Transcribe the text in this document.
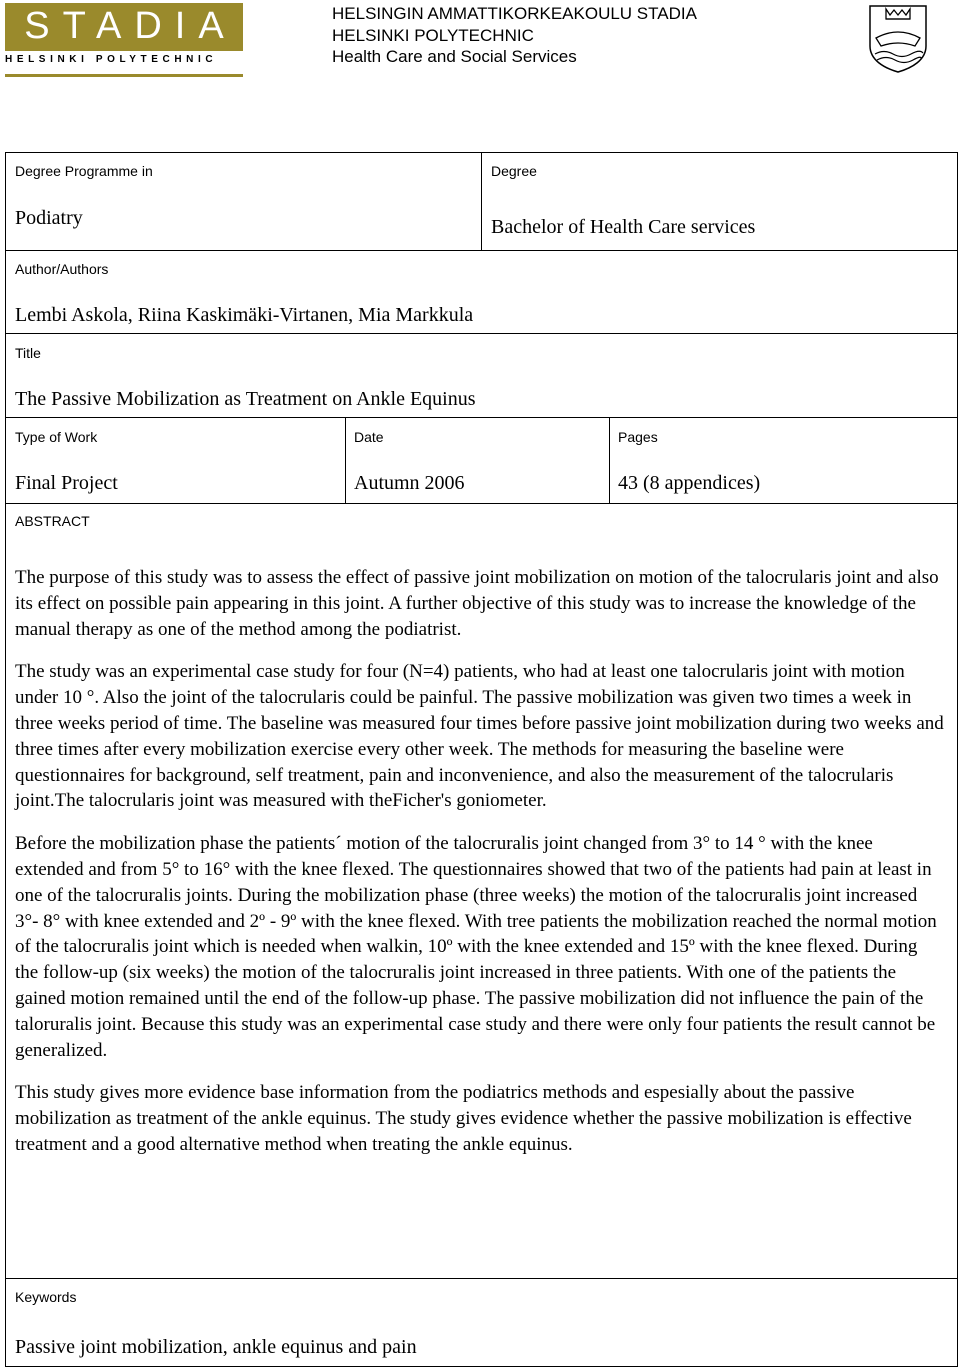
STADIA
HELSINKI POLYTECHNIC
HELSINGIN AMMATTIKORKEAKOULU STADIA
HELSINKI POLYTECHNIC
Health Care and Social Services
Degree Programme in
Podiatry
Degree
Bachelor of Health Care services
Author/Authors
Lembi Askola, Riina Kaskimäki-Virtanen, Mia Markkula
Title
The Passive Mobilization as Treatment on Ankle Equinus
Type of Work
Final Project
Date
Autumn 2006
Pages
43 (8 appendices)
ABSTRACT

The purpose of this study was to assess the effect of passive joint mobilization on motion of the talocrularis joint and also its effect on possible pain appearing in this joint. A further objective of this study was to increase the knowledge of the manual therapy as one of the method among the podiatrist.

The study was an experimental case study for four (N=4) patients, who had at least one talocrularis joint with motion under 10 °. Also the joint of the talocrularis could be painful. The passive mobilization was given two times a week in three weeks period of time. The baseline was measured four times before passive joint mobilization during two weeks and three times after every mobilization exercise every other week. The methods for measuring the baseline were questionnaires for background, self treatment, pain and inconvenience, and also the measurement of the talocrularis joint.The talocrularis joint was measured with theFicher's goniometer.

Before the mobilization phase the patients´ motion of the talocruralis joint changed from 3° to 14 ° with the knee extended and from 5° to 16° with the knee flexed. The questionnaires showed that two of the patients had pain at least in one of the talocruralis joints. During the mobilization phase (three weeks) the motion of the talocruralis joint increased 3°- 8° with knee extended and 2º - 9º with the knee flexed. With tree patients the mobilization reached the normal motion of the talocruralis joint which is needed when walkin, 10º with the knee extended and 15º with the knee flexed. During the follow-up (six weeks) the motion of the talocruralis joint increased in three patients. With one of the patients the gained motion remained until the end of the follow-up phase. The passive mobilization did not influence the pain of the taloruralis joint. Because this study was an experimental case study and there were only four patients the result cannot be generalized.

This study gives more evidence base information from the podiatrics methods and espesially about the passive mobilization as treatment of the ankle equinus. The study gives evidence whether the passive mobilization is effective treatment and a good alternative method when treating the ankle equinus.

Keywords
Passive joint mobilization, ankle equinus and pain
